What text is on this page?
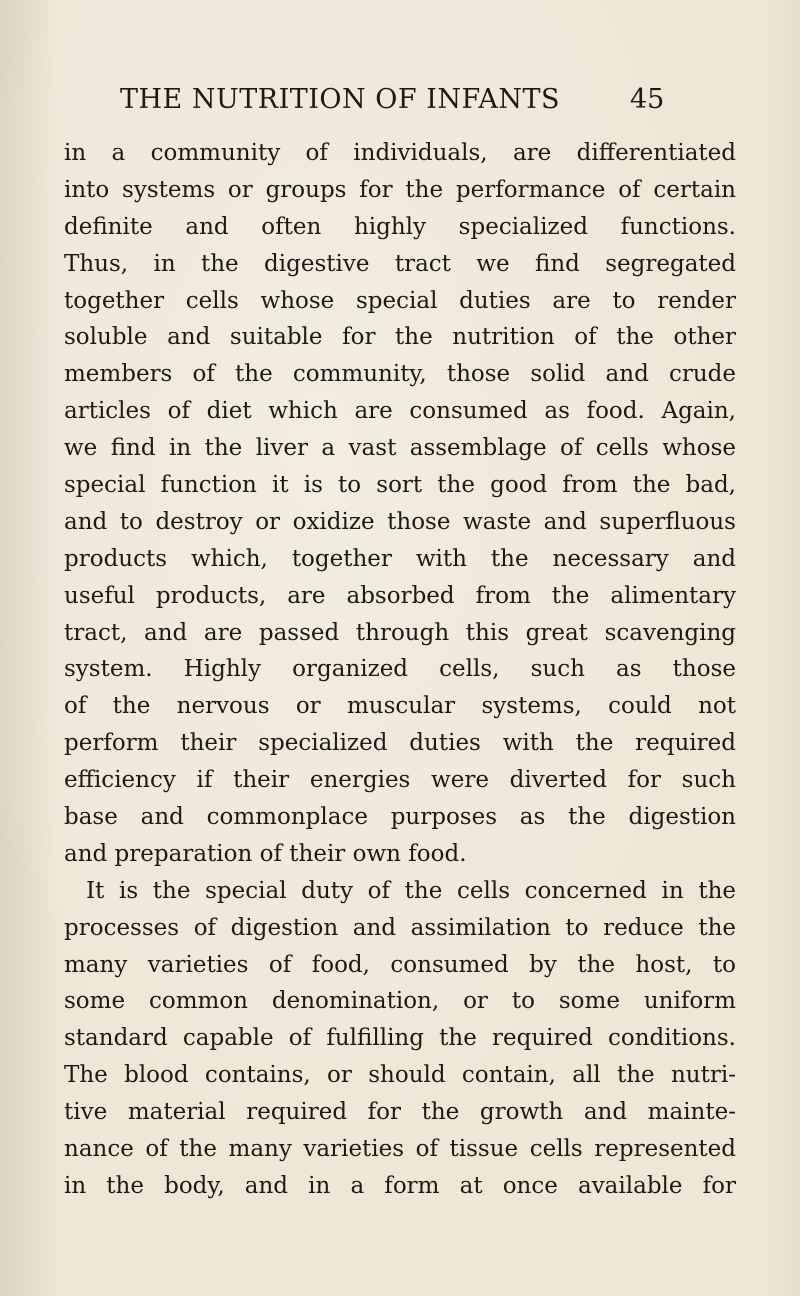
THE NUTRITION OF INFANTS	45
in a community of individuals, are differentiated
into systems or groups for the performance of certain
definite and often highly specialized functions.
Thus, in the digestive tract we find segregated
together cells whose special duties are to render
soluble and suitable for the nutrition of the other
members of the community, those solid and crude
articles of diet which are consumed as food. Again,
we find in the liver a vast assemblage of cells whose
special function it is to sort the good from the bad,
and to destroy or oxidize those waste and superfluous
products which, together with the necessary and
useful products, are absorbed from the alimentary
tract, and are passed through this great scavenging
system. Highly organized cells, such as those
of the nervous or muscular systems, could not
perform their specialized duties with the required
efficiency if their energies were diverted for such
base and commonplace purposes as the digestion
and preparation of their own food.
It is the special duty of the cells concerned in the
processes of digestion and assimilation to reduce the
many varieties of food, consumed by the host, to
some common denomination, or to some uniform
standard capable of fulfilling the required conditions.
The blood contains, or should contain, all the nutri-
tive material required for the growth and mainte-
nance of the many varieties of tissue cells represented
in the body, and in a form at once available for
